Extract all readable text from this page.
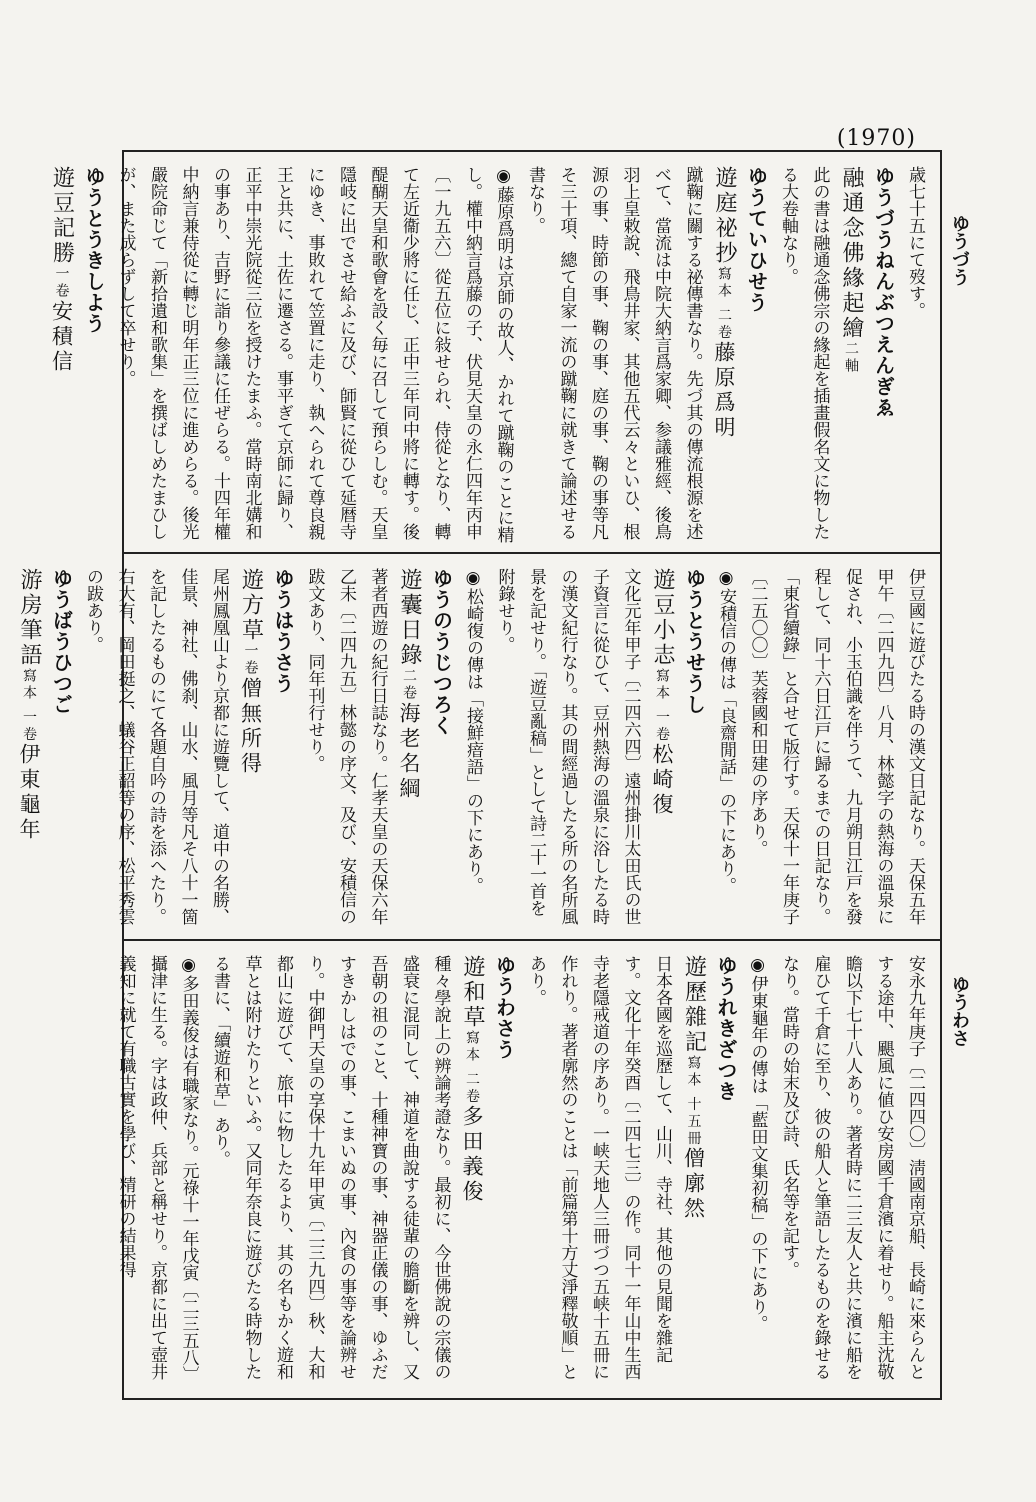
(1970)
ゆうづう
ゆうわさ

歳七十五にて歿す。

ゆうづうねんぶつえんぎゑ

融通念佛緣起繪二軸

此の書は融通念佛宗の緣起を插畫假名文に物したる大卷軸なり。

ゆうていひせう

遊庭祕抄寫本 二卷藤原爲明

蹴鞠に關する祕傳書なり。先づ其の傳流根源を述べて、當流は中院大納言爲家卿、参議雅經、後鳥羽上皇敕說、飛鳥井家、其他五代云々といひ、根源の事、時節の事、鞠の事、庭の事、鞠の事等凡そ三十項、總て自家一流の蹴鞠に就きて論述せる書なり。

◉藤原爲明は京師の故人、かれて蹴鞠のことに精し。權中納言爲藤の子、伏見天皇の永仁四年丙申〔一九五六〕從五位に敍せられ、侍從となり、轉て左近衞少將に任じ、正中三年同中將に轉す。後醍醐天皇和歌會を設く毎に召して預らしむ。天皇隱岐に出でさせ給ふに及び、師賢に從ひて延暦寺にゆき、事敗れて笠置に走り、執へられて尊良親王と共に、土佐に遷さる。事平ぎて京師に歸り、正平中崇光院從三位を授けたまふ。當時南北媾和の事あり、吉野に詣り參議に任ぜらる。十四年權中納言兼侍從に轉じ明年正三位に進めらる。後光嚴院命じて「新拾遺和歌集」を撰ばしめたまひしが、また成らずして卒せり。

ゆうとうきしよう

遊豆記勝一卷安積信

伊豆國に遊びたる時の漢文日記なり。天保五年甲午〔二四九四〕八月、林懿字の熱海の溫泉に促され、小玉伯識を伴うて、九月朔日江戸を發程して、同十六日江戸に歸るまでの日記なり。「東省續錄」と合せて版行す。天保十一年庚子〔二五〇〇〕芙蓉國和田建の序あり。

◉安積信の傳は「良齋閒話」の下にあり。

ゆうとうせうし

遊豆小志寫本 一卷松崎復

文化元年甲子〔二四六四〕遠州掛川太田氏の世子資言に從ひて、豆州熱海の溫泉に浴したる時の漢文紀行なり。其の間經過したる所の名所風景を記せり。「遊豆亂稿」として詩二十一首を附錄せり。

◉松崎復の傳は「接鮮瘖語」の下にあり。

ゆうのうじつろく

遊囊日錄二卷海老名綱

著者西遊の紀行日誌なり。仁孝天皇の天保六年乙未〔二四九五〕林懿の序文、及び、安積信の跋文あり、同年刊行せり。

ゆうはうさう

遊方草一卷僧無所得

尾州鳳凰山より京都に遊覽して、道中の名勝、佳景、神社、佛刹、山水、風月等凡そ八十一箇を記したるものにて各題自吟の詩を添へたり。右大有、岡田挺之、蟻谷正韶等の序、松平秀雲の跋あり。

ゆうばうひつご

游房筆語寫本 一卷伊東龜年

安永九年庚子〔二四四〇〕淸國南京船、長崎に來らんとする途中、颶風に値ひ安房國千倉濱に着せり。船主沈敬瞻以下七十八人あり。著者時に二三友人と共に濱に船を雇ひて千倉に至り、彼の船人と筆語したるものを錄せるなり。當時の始末及び詩、氏名等を記す。

◉伊東龜年の傳は「藍田文集初稿」の下にあり。

ゆうれきざつき

遊歷雜記寫本 十五冊僧廓然

日本各國を巡歷して、山川、寺社、其他の見聞を雜記す。文化十年癸酉〔二四七三〕の作。同十一年山中生西寺老隱戒道の序あり。一峡天地人三冊づつ五峡十五冊に作れり。著者廓然のことは「前篇第十方丈淨釋敬順」とあり。

ゆうわさう

遊和草寫本 二卷多田義俊

種々學說上の辨論考證なり。最初に、今世佛說の宗儀の盛衰に混同して、神道を曲說する徒輩の膽斷を辨し、又吾朝の祖のこと、十種神寶の事、神器正儀の事、ゆふだすきかしはでの事、こまいぬの事、內食の事等を論辨せり。中御門天皇の享保十九年甲寅〔二三九四〕秋、大和都山に遊びて、旅中に物したるより、其の名もかく遊和草とは附けたりといふ。又同年奈良に遊びたる時物したる書に、「續遊和草」あり。

◉多田義俊は有職家なり。元祿十一年戊寅〔二三五八〕攝津に生る。字は政仲、兵部と稱せり。京都に出て壺井義知に就て有職古實を學び、精研の結果得
